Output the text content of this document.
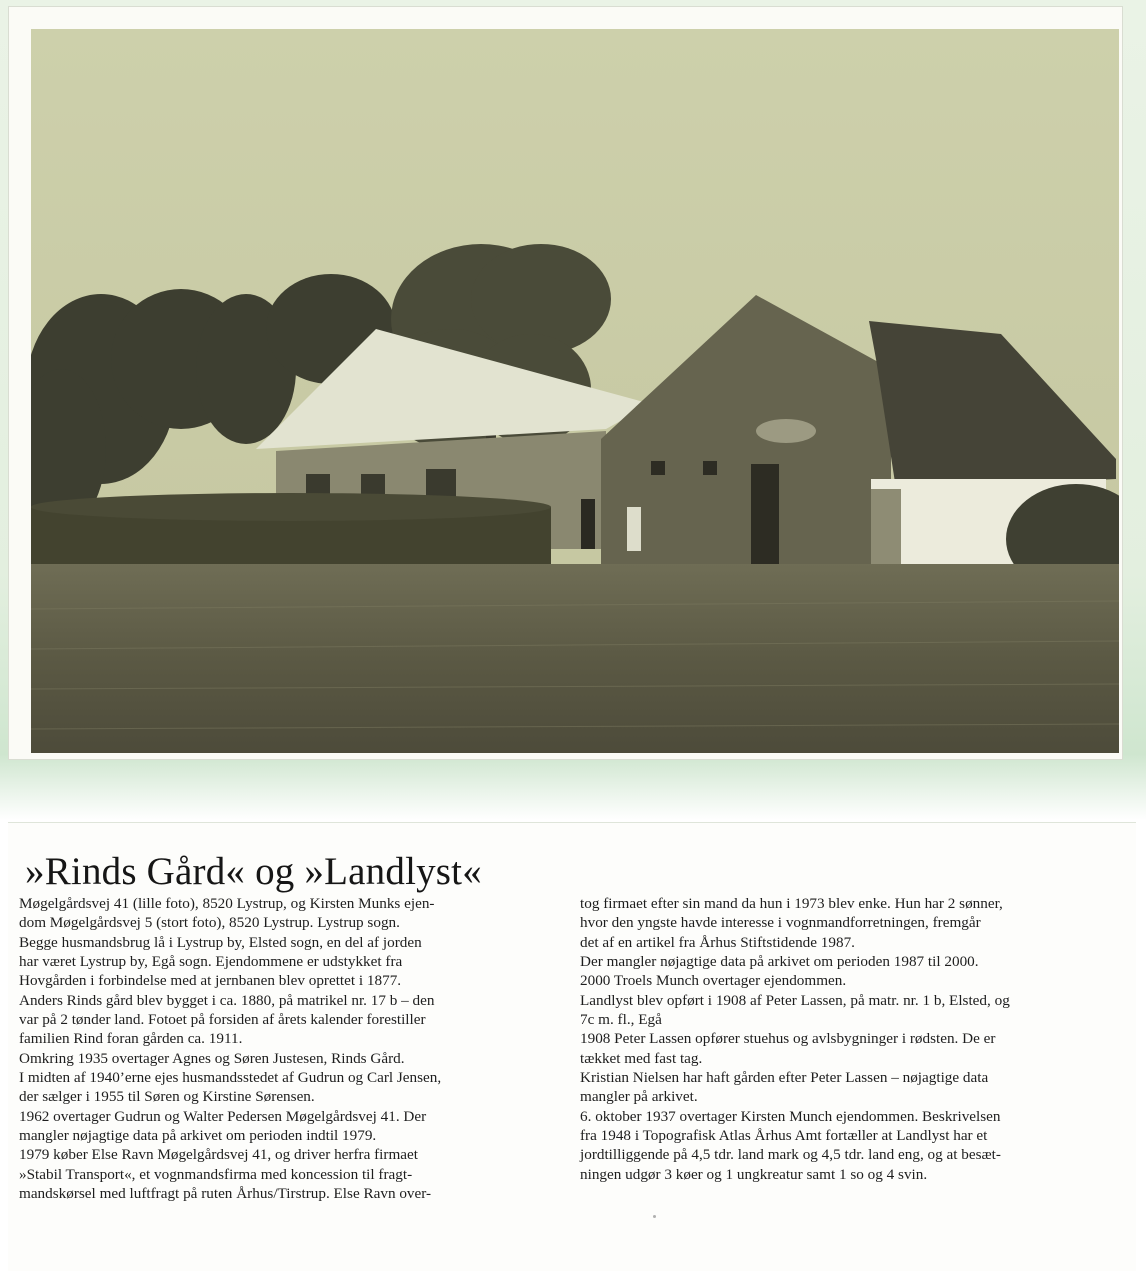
»Rinds Gård« og »Landlyst«
Møgelgårdsvej 41 (lille foto), 8520 Lystrup, og Kirsten Munks ejen-
dom Møgelgårdsvej 5 (stort foto), 8520 Lystrup. Lystrup sogn.
Begge husmandsbrug lå i Lystrup by, Elsted sogn, en del af jorden
har været Lystrup by, Egå sogn. Ejendommene er udstykket fra
Hovgården i forbindelse med at jernbanen blev oprettet i 1877.
Anders Rinds gård blev bygget i ca. 1880, på matrikel nr. 17 b – den
var på 2 tønder land. Fotoet på forsiden af årets kalender forestiller
familien Rind foran gården ca. 1911.
Omkring 1935 overtager Agnes og Søren Justesen, Rinds Gård.
I midten af 1940’erne ejes husmandsstedet af Gudrun og Carl Jensen,
der sælger i 1955 til Søren og Kirstine Sørensen.
1962 overtager Gudrun og Walter Pedersen Møgelgårdsvej 41. Der
mangler nøjagtige data på arkivet om perioden indtil 1979.
1979 køber Else Ravn Møgelgårdsvej 41, og driver herfra firmaet
»Stabil Transport«, et vognmandsfirma med koncession til fragt-
mandskørsel med luftfragt på ruten Århus/Tirstrup. Else Ravn over-
tog firmaet efter sin mand da hun i 1973 blev enke. Hun har 2 sønner,
hvor den yngste havde interesse i vognmandforretningen, fremgår
det af en artikel fra Århus Stiftstidende 1987.
Der mangler nøjagtige data på arkivet om perioden 1987 til 2000.
2000 Troels Munch overtager ejendommen.
Landlyst blev opført i 1908 af Peter Lassen, på matr. nr. 1 b, Elsted, og
7c m. fl., Egå
1908 Peter Lassen opfører stuehus og avlsbygninger i rødsten. De er
tækket med fast tag.
Kristian Nielsen har haft gården efter Peter Lassen – nøjagtige data
mangler på arkivet.
6. oktober 1937 overtager Kirsten Munch ejendommen. Beskrivelsen
fra 1948 i Topografisk Atlas Århus Amt fortæller at Landlyst har et
jordtilliggende på 4,5 tdr. land mark og 4,5 tdr. land eng, og at besæt-
ningen udgør 3 køer og 1 ungkreatur samt 1 so og 4 svin.
